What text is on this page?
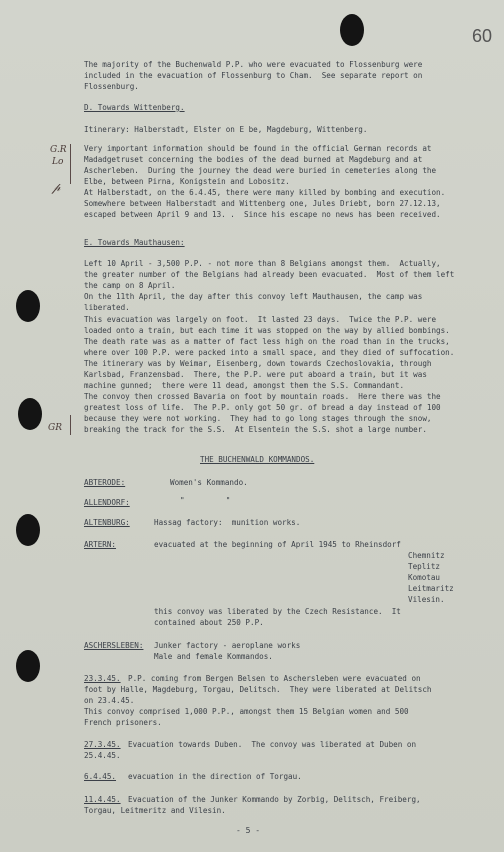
60
The majority of the Buchenwald P.P. who were evacuated to Flossenburg were
included in the evacuation of Flossenburg to Cham.  See separate report on
Flossenburg.
D. Towards Wittenberg.
Itinerary: Halberstadt, Elster on E be, Magdeburg, Wittenberg.
G.R
Lo
𝓅
Very important information should be found in the official German records at
Madadgetruset concerning the bodies of the dead burned at Magdeburg and at
Ascherleben.  During the journey the dead were buried in cemeteries along the
Elbe, between Pirna, Konigstein and Lobositz.
At Halberstadt, on the 6.4.45, there were many killed by bombing and execution.
Somewhere between Halberstadt and Wittenberg one, Jules Driebt, born 27.12.13,
escaped between April 9 and 13. .  Since his escape no news has been received.
E. Towards Mauthausen:
Left 10 April - 3,500 P.P. - not more than 8 Belgians amongst them.  Actually,
the greater number of the Belgians had already been evacuated.  Most of them left
the camp on 8 April.
On the 11th April, the day after this convoy left Mauthausen, the camp was
liberated.
This evacuation was largely on foot.  It lasted 23 days.  Twice the P.P. were
loaded onto a train, but each time it was stopped on the way by allied bombings.
The death rate was as a matter of fact less high on the road than in the trucks,
where over 100 P.P. were packed into a small space, and they died of suffocation.
The itinerary was by Weimar, Eisenberg, down towards Czechoslovakia, through
Karlsbad, Franzensbad.  There, the P.P. were put aboard a train, but it was
machine gunned;  there were 11 dead, amongst them the S.S. Commandant.
The convoy then crossed Bavaria on foot by mountain roads.  Here there was the
greatest loss of life.  The P.P. only got 50 gr. of bread a day instead of 100
because they were not working.  They had to go long stages through the snow,
breaking the track for the S.S.  At Elsentein the S.S. shot a large number.
GR
THE BUCHENWALD KOMMANDOS.
ABTERODE:	Women's Kommando.
ALLENDORF:	"         "
ALTENBURG:	Hassag factory:  munition works.
ARTERN:	evacuated at the beginning of April 1945 to Rheinsdorf
Chemnitz
Teplitz
Komotau
Leitmaritz
Vilesin.
this convoy was liberated by the Czech Resistance.  It
contained about 250 P.P.
ASCHERSLEBEN: Junker factory - aeroplane works
Male and female Kommandos.
23.3.45. P.P. coming from Bergen Belsen to Aschersleben were evacuated on
foot by Halle, Magdeburg, Torgau, Delitsch.  They were liberated at Delitsch
on 23.4.45.
This convoy comprised 1,000 P.P., amongst them 15 Belgian women and 500
French prisoners.
27.3.45. Evacuation towards Duben.  The convoy was liberated at Duben on
25.4.45.
6.4.45. evacuation in the direction of Torgau.
11.4.45. Evacuation of the Junker Kommando by Zorbig, Delitsch, Freiberg,
Torgau, Leitmeritz and Vilesin.
- 5 -
